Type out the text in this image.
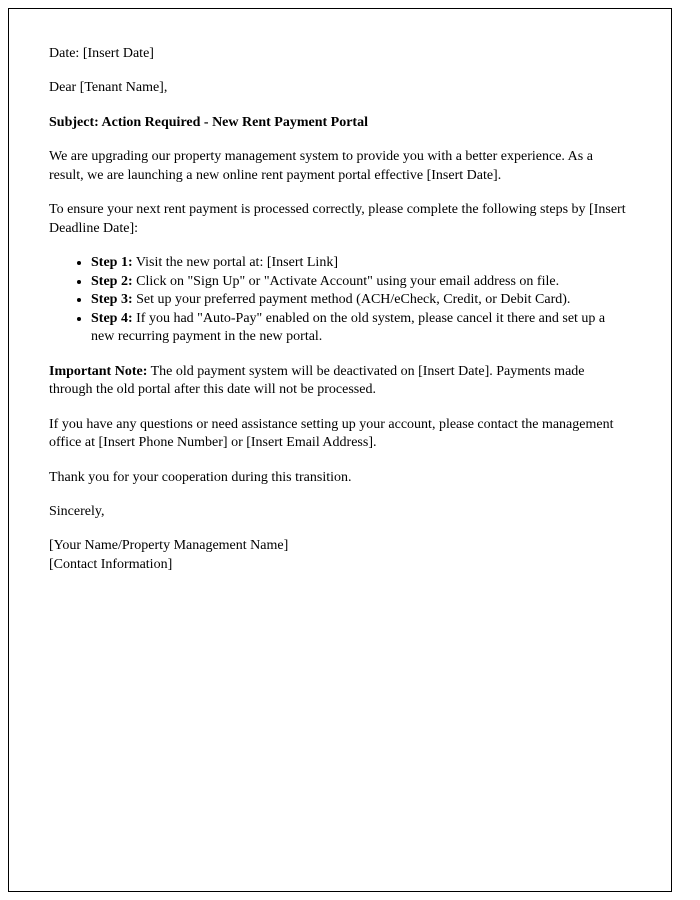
Date: [Insert Date]

Dear [Tenant Name],

Subject: Action Required - New Rent Payment Portal

We are upgrading our property management system to provide you with a better experience. As a result, we are launching a new online rent payment portal effective [Insert Date].

To ensure your next rent payment is processed correctly, please complete the following steps by [Insert Deadline Date]:

• Step 1: Visit the new portal at: [Insert Link]
• Step 2: Click on "Sign Up" or "Activate Account" using your email address on file.
• Step 3: Set up your preferred payment method (ACH/eCheck, Credit, or Debit Card).
• Step 4: If you had "Auto-Pay" enabled on the old system, please cancel it there and set up a new recurring payment in the new portal.

Important Note: The old payment system will be deactivated on [Insert Date]. Payments made through the old portal after this date will not be processed.

If you have any questions or need assistance setting up your account, please contact the management office at [Insert Phone Number] or [Insert Email Address].

Thank you for your cooperation during this transition.

Sincerely,

[Your Name/Property Management Name]
[Contact Information]
